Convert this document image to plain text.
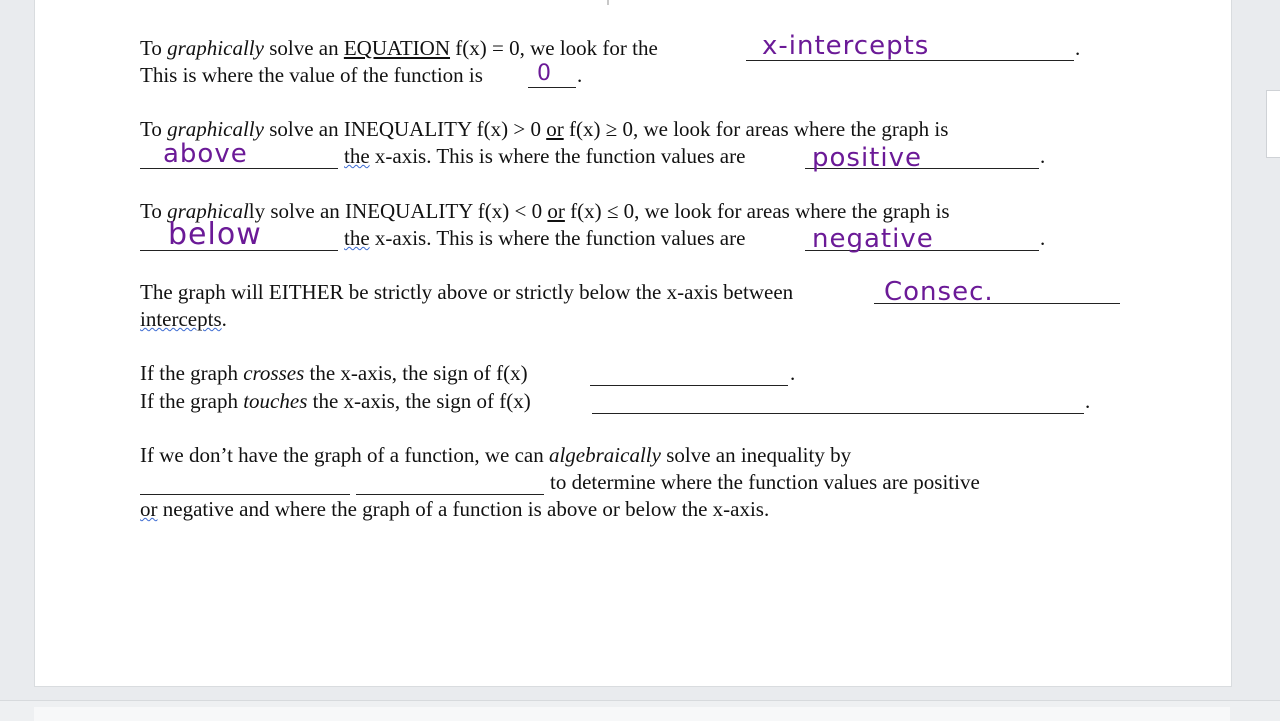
To graphically solve an EQUATION f(x) = 0, we look for the	.
x-intercepts
This is where the value of the function is	.
0
To graphically solve an INEQUALITY f(x) > 0 or f(x) ≥ 0, we look for areas where the graph is
above	the x-axis. This is where the function values are	positive	.
To graphically solve an INEQUALITY f(x) < 0 or f(x) ≤ 0, we look for areas where the graph is
below	the x-axis. This is where the function values are	negative	.
The graph will EITHER be strictly above or strictly below the x-axis between	Consec.
intercepts.
If the graph crosses the x-axis, the sign of f(x)	.
If the graph touches the x-axis, the sign of f(x)	.
If we don’t have the graph of a function, we can algebraically solve an inequality by
to determine where the function values are positive
or negative and where the graph of a function is above or below the x-axis.
